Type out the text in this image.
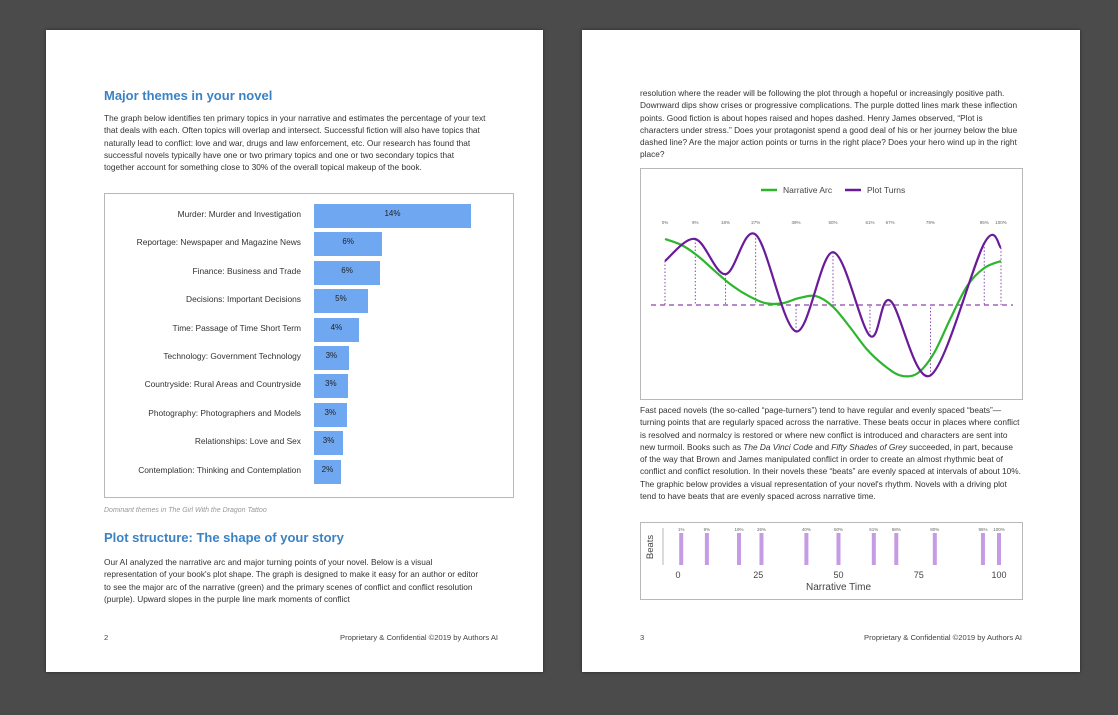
Major themes in your novel
The graph below identifies ten primary topics in your narrative and estimates the percentage of your text that deals with each. Often topics will overlap and intersect. Successful fiction will also have topics that naturally lead to conflict: love and war, drugs and law enforcement, etc. Our research has found that successful novels typically have one or two primary topics and one or two secondary topics that together account for something close to 30% of the overall topical makeup of the book.
Murder: Murder and Investigation	14%
Reportage: Newspaper and Magazine News	6%
Finance: Business and Trade	6%
Decisions: Important Decisions	5%
Time: Passage of Time Short Term	4%
Technology: Government Technology	3%
Countryside: Rural Areas and Countryside	3%
Photography: Photographers and Models	3%
Relationships: Love and Sex	3%
Contemplation: Thinking and Contemplation	2%
Dominant themes in The Girl With the Dragon Tattoo
Plot structure: The shape of your story
Our AI analyzed the narrative arc and major turning points of your novel. Below is a visual representation of your book's plot shape. The graph is designed to make it easy for an author or editor to see the major arc of the narrative (green) and the primary scenes of conflict and conflict resolution (purple). Upward slopes in the purple line mark moments of conflict
2	Proprietary & Confidential ©2019 by Authors AI
resolution where the reader will be following the plot through a hopeful or increasingly positive path. Downward dips show crises or progressive complications. The purple dotted lines mark these inflection points. Good fiction is about hopes raised and hopes dashed. Henry James observed, “Plot is characters under stress.” Does your protagonist spend a good deal of his or her journey below the blue dashed line? Are the major action points or turns in the right place? Does your hero wind up in the right place?
Narrative Arc	Plot Turns
0%	9%	18%	27%	39%	50%	61% 67%	79%	95% 100%
Fast paced novels (the so-called “page-turners”) tend to have regular and evenly spaced “beats”—turning points that are regularly spaced across the narrative. These beats occur in places where conflict is resolved and normalcy is restored or where new conflict is introduced and characters are sent into new turmoil. Books such as The Da Vinci Code and Fifty Shades of Grey succeeded, in part, because of the way that Brown and James manipulated conflict in order to create an almost rhythmic beat of conflict and conflict resolution. In their novels these “beats” are evenly spaced at intervals of about 10%. The graphic below provides a visual representation of your novel's rhythm. Novels with a driving plot tend to have beats that are evenly spaced across narrative time.
Beats
1%	9%	19%	26%	40%	50%	61%	68%	80%	95% 100%
0	25	50	75	100
Narrative Time
3	Proprietary & Confidential ©2019 by Authors AI
